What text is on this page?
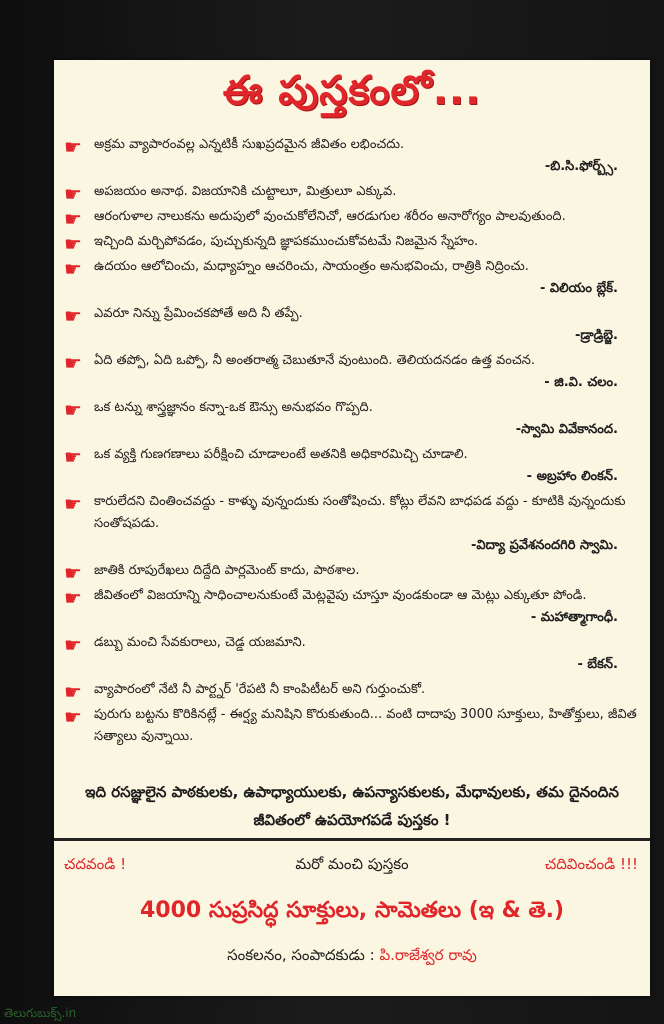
ఈ పుస్తకంలో...
☛ అక్రమ వ్యాపారంవల్ల ఎన్నటికీ సుఖప్రదమైన జీవితం లభించదు.
-బి.సి.ఫోర్బ్స్.
☛ అపజయం అనాథ. విజయానికి చుట్టాలూ, మిత్రులూ ఎక్కువ.
☛ ఆరంగుళాల నాలుకను అదుపులో వుంచుకోలేనిచో, ఆరడుగుల శరీరం అనారోగ్యం పాలవుతుంది.
☛ ఇచ్చింది మర్చిపోవడం, పుచ్చుకున్నది జ్ఞాపకముంచుకోవటమే నిజమైన స్నేహం.
☛ ఉదయం ఆలోచించు, మధ్యాహ్నం ఆచరించు, సాయంత్రం అనుభవించు, రాత్రికి నిద్రించు.
- విలియం బ్లేక్.
☛ ఎవరూ నిన్ను ప్రేమించకపోతే అది నీ తప్పే.
-డ్రాడ్రిబ్జె.
☛ ఏది తప్పో, ఏది ఒప్పో, నీ అంతరాత్మ చెబుతూనే వుంటుంది. తెలియదనడం ఉత్త వంచన.
- జి.వి. చలం.
☛ ఒక టన్ను శాస్త్రజ్ఞానం కన్నా-ఒక ఔన్సు అనుభవం గొప్పది.
-స్వామి వివేకానంద.
☛ ఒక వ్యక్తి గుణగణాలు పరీక్షించి చూడాలంటే అతనికి అధికారమిచ్చి చూడాలి.
- అబ్రహాం లింకన్.
☛ కారులేదని చింతించవద్దు - కాళ్ళు వున్నందుకు సంతోషించు. కోట్లు లేవని బాధపడ వద్దు - కూటికి వున్నందుకు సంతోషపడు.
-విద్యా ప్రవేశనందగిరి స్వామి.
☛ జాతికి రూపురేఖలు దిద్దేది పార్లమెంట్ కాదు, పాఠశాల.
☛ జీవితంలో విజయాన్ని సాధించాలనుకుంటే మెట్లవైపు చూస్తూ వుండకుండా ఆ మెట్లు ఎక్కుతూ పోండి.
- మహాత్మాగాంధీ.
☛ డబ్బు మంచి సేవకురాలు, చెడ్డ యజమాని.
- బేకన్.
☛ వ్యాపారంలో నేటి నీ పార్ట్నర్ 'రేపటి నీ కాంపిటీటర్ అని గుర్తుంచుకో.
☛ పురుగు బట్టను కొరికినట్లే - ఈర్ష్య మనిషిని కొరుకుతుంది... వంటి దాదాపు 3000 సూక్తులు, హితోక్తులు, జీవిత సత్యాలు వున్నాయి.
ఇది రసజ్ఞులైన పాఠకులకు, ఉపాధ్యాయులకు, ఉపన్యాసకులకు, మేధావులకు, తమ దైనందిన జీవితంలో ఉపయోగపడే పుస్తకం !
చదవండి !	మరో మంచి పుస్తకం	చదివించండి !!!
4000 సుప్రసిద్ధ సూక్తులు, సామెతలు (ఇ & తె.)
సంకలనం, సంపాదకుడు : పి.రాజేశ్వర రావు
తెలుగుబుక్స్.in
